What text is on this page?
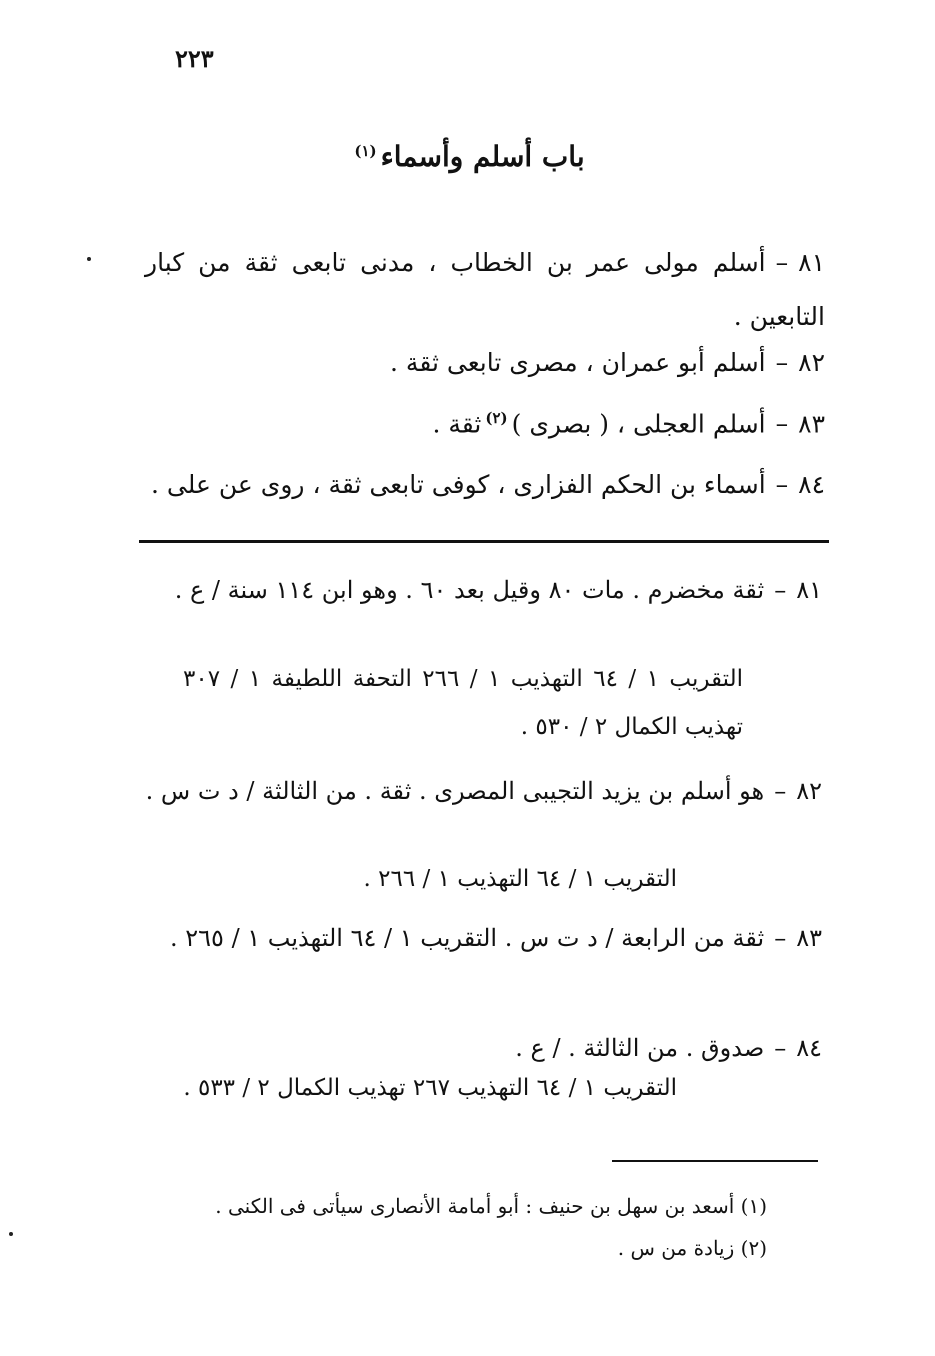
٢٢٣
باب أسلم وأسماء$^{(١)}$
٨١–أسلم مولى عمر بن الخطاب ، مدنى تابعى ثقة من كبار التابعين .
٨٢–أسلم أبو عمران ، مصرى تابعى ثقة .
٨٣–أسلم العجلى ، ( بصرى )$^{(٢)}$ثقة .
٨٤–أسماء بن الحكم الفزارى ، كوفى تابعى ثقة ، روى عن على .
٨١–ثقة مخضرم . مات ٨٠ وقيل بعد ٦٠ . وهو ابن ١١٤ سنة / ع .
التقريب ١ / ٦٤ التهذيب ١ / ٢٦٦ التحفة اللطيفة ١ / ٣٠٧ تهذيب الكمال ٢ / ٥٣٠ .
٨٢–هو أسلم بن يزيد التجيبى المصرى . ثقة . من الثالثة / د ت س .
التقريب ١ / ٦٤ التهذيب ١ / ٢٦٦ .
٨٣–ثقة من الرابعة / د ت س . التقريب ١ / ٦٤ التهذيب ١ / ٢٦٥ .
٨٤–صدوق . من الثالثة . / ع .
التقريب ١ / ٦٤ التهذيب ٢٦٧ تهذيب الكمال ٢ / ٥٣٣ .
(١) أسعد بن سهل بن حنيف : أبو أمامة الأنصارى سيأتى فى الكنى .
(٢) زيادة من س .
